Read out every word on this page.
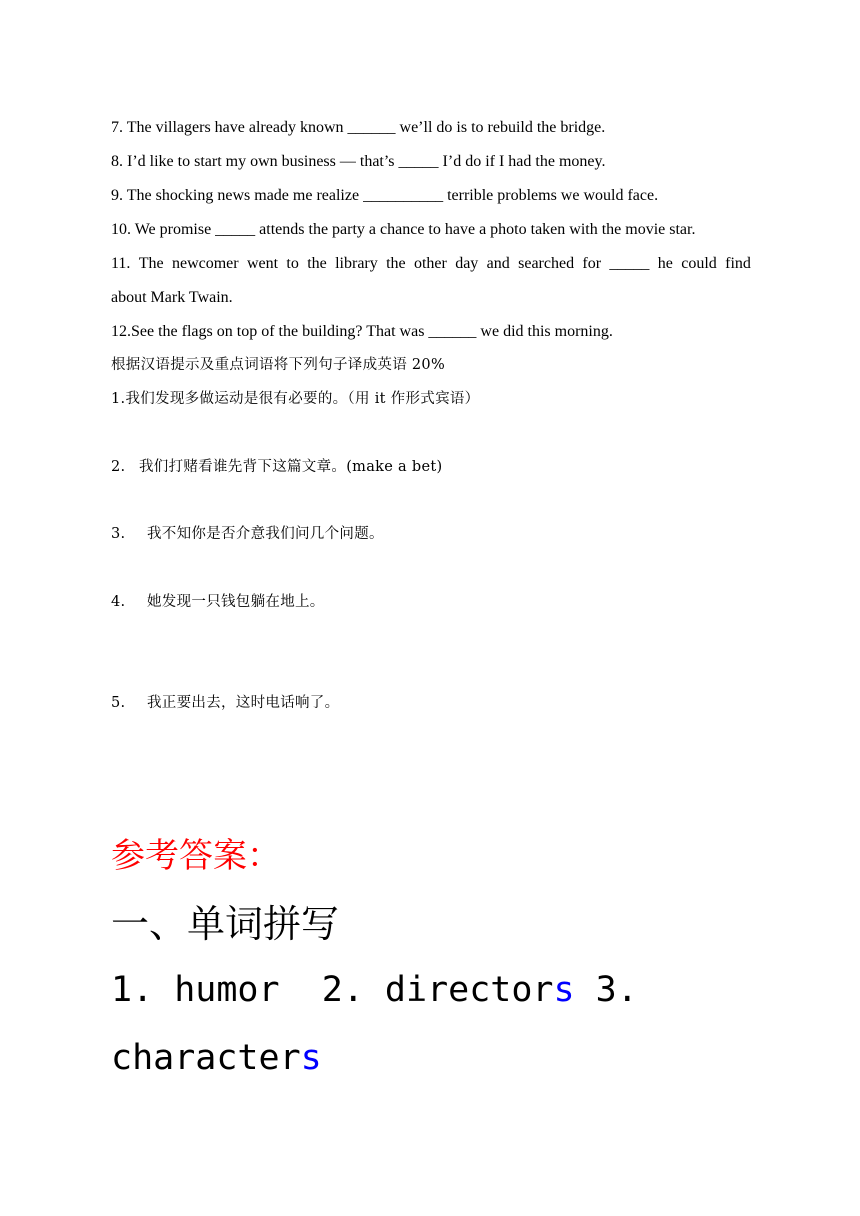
7. The villagers have already known ______ we’ll do is to rebuild the bridge.
8. I’d like to start my own business — that’s _____ I’d do if I had the money.
9. The shocking news made me realize __________ terrible problems we would face.
10. We promise _____ attends the party a chance to have a photo taken with the movie star.
11. The newcomer went to the library the other day and searched for _____ he could find
about Mark Twain.
12.See the flags on top of the building? That was ______ we did this morning.
根据汉语提示及重点词语将下列句子译成英语 20%
1.我们发现多做运动是很有必要的。（用 it 作形式宾语）
2. 我们打赌看谁先背下这篇文章。(make a bet)
3. 我不知你是否介意我们问几个问题。
4. 她发现一只钱包躺在地上。
5. 我正要出去，这时电话响了。
参考答案：
一、单词拼写
1. humor  2. directors 3.
characters
